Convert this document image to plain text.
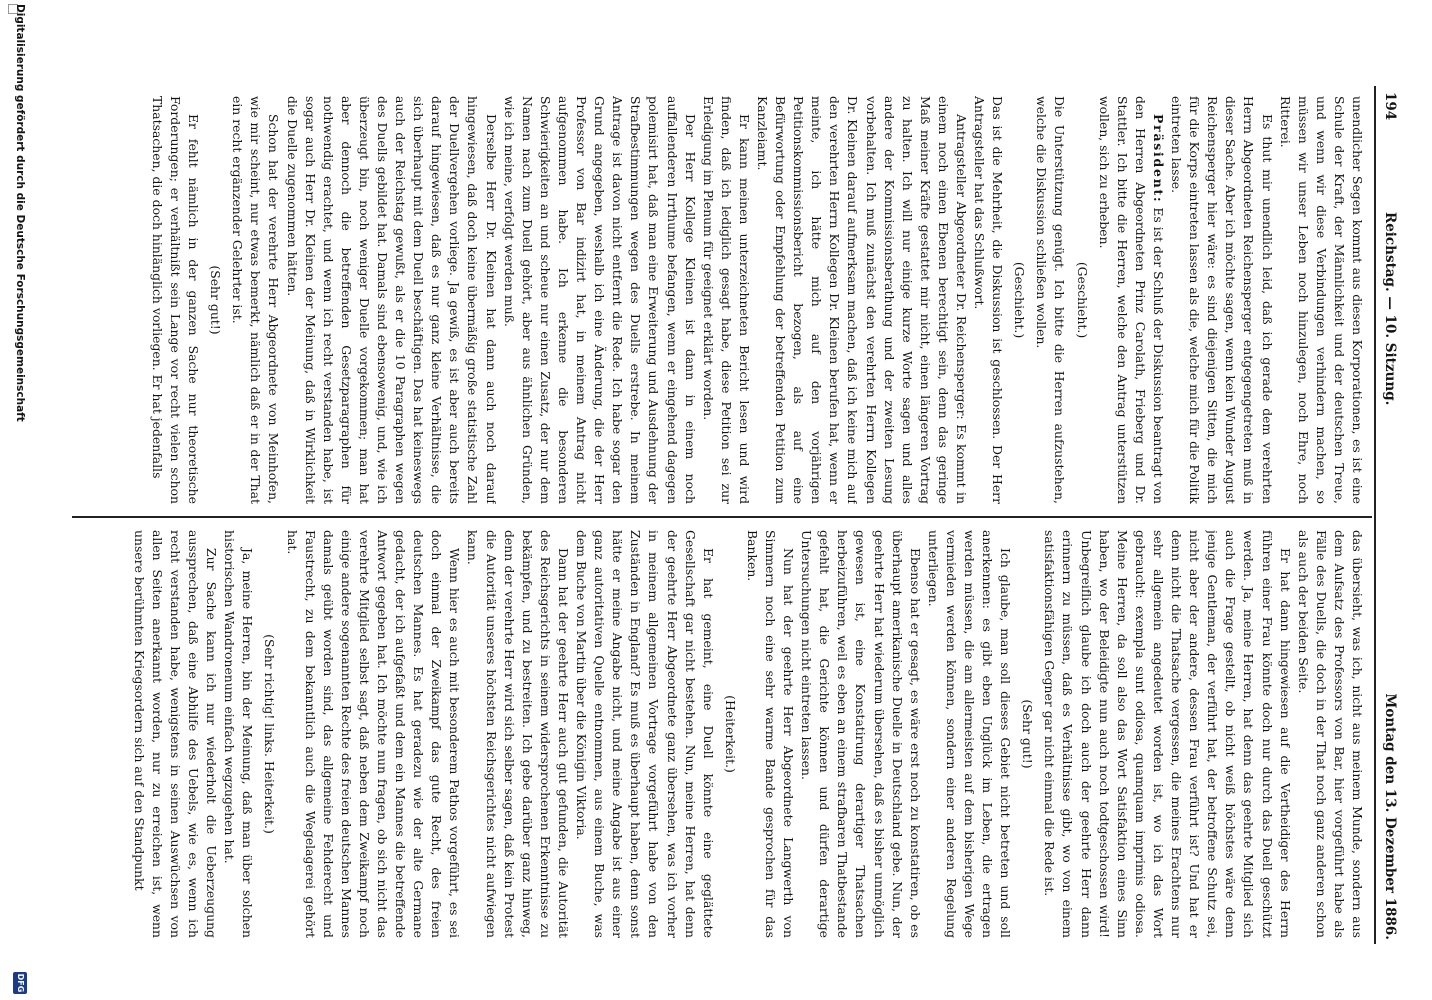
194
Reichstag. — 10. Sitzung.
Montag den 13. Dezember 1886.

unendlicher Segen kommt aus diesen Korporationen, es ist eine Schule der Kraft, der Männlichkeit und der deutschen Treue, und wenn wir diese Verbindungen verhindern machen, so müssen wir unser Leben noch hinzulegen, noch Ehre, noch Ritterei.

Es thut mir unendlich leid, daß ich gerade dem verehrten Herrn Abgeordneten Reichensperger entgegengetreten muß in dieser Sache. Aber ich möchte sagen, wenn kein Wunder August Reichensperger hier wäre: es sind diejenigen Sitten, die mich für die Korps eintreten lassen als die, welche mich für die Politik eintreten lasse.

Präsident: Es ist der Schluß der Diskussion beantragt von den Herren Abgeordneten Prinz Carolath, Frieberg und Dr. Stattler. Ich bitte die Herren, welche den Antrag unterstützen wollen, sich zu erheben.

(Geschieht.)

Die Unterstützung genügt. Ich bitte die Herren aufzustehen, welche die Diskussion schließen wollen.

(Geschieht.)

Das ist die Mehrheit, die Diskussion ist geschlossen. Der Herr Antragsteller hat das Schlußwort.

Antragsteller Abgeordneter Dr. Reichensperger: Es kommt in einem noch einen Ebenen berechtigt sein, denn das geringe Maß meiner Kräfte gestattet mir nicht, einen längeren Vortrag zu halten. Ich will nur einige kurze Worte sagen und alles andere der Kommissionsberathung und der zweiten Lesung vorbehalten. Ich muß zunächst den verehrten Herrn Kollegen Dr. Kleinen darauf aufmerksam machen, daß ich keine mich auf den verehrten Herrn Kollegen Dr. Kleinen berufen hat, wenn er meinte, ich hätte mich auf den vorjährigen Petitionskommissionsbericht bezogen, als auf eine Befürwortung oder Empfehlung der betreffenden Petition zum Kanzleiamt.

Er kann meinen unterzeichneten Bericht lesen und wird finden, daß ich lediglich gesagt habe, diese Petition sei zur Erledigung im Plenum für geeignet erklärt worden.

Der Herr Kollege Kleinen ist dann in einem noch auffallenderen Irrthume befangen, wenn er eingehend dagegen polemisirt hat, daß man eine Erweiterung und Ausdehnung der Strafbestimmungen wegen des Duells erstrebe. In meinem Antrage ist davon nicht entfernt die Rede. Ich habe sogar den Grund angegeben, weshalb ich eine Änderung, die der Herr Professor von Bar indizirt hat, in meinem Antrag nicht aufgenommen habe. Ich erkenne die besonderen Schwierigkeiten an und scheue nur einen Zusatz, der nur dem Namen nach zum Duell gehört, aber aus ähnlichen Gründen, wie ich meine, verfolgt werden muß.

Derselbe Herr Dr. Kleinen hat dann auch noch darauf hingewiesen, daß doch keine übermäßig große statistische Zahl der Duellvergehen vorliege. Ja gewiß, es ist aber auch bereits darauf hingewiesen, daß es nur ganz kleine Verhältnisse, die sich überhaupt mit dem Duell beschäftigen. Das hat keineswegs auch der Reichstag gewußt, als er die 10 Paragraphen wegen des Duells gebildet hat. Damals sind ebensowenig, und, wie ich überzeugt bin, noch weniger Duelle vorgekommen; man hat aber dennoch die betreffenden Gesetzparagraphen für nothwendig erachtet, und wenn ich recht verstanden habe, ist sogar auch Herr Dr. Kleinen der Meinung, daß in Wirklichkeit die Duelle zugenommen hätten.

Schon hat der verehrte Herr Abgeordnete von Meinhofen, wie mir scheint, nur etwas bemerkt, nämlich daß er in der That ein recht ergänzender Gelehrter ist.

(Sehr gut!)

Er fehlt nämlich in der ganzen Sache nur theoretische Forderungen; er verhältnißt sein Lange vor recht vielen schon Thatsachen, die doch hinlänglich vorliegen. Er hat jedenfalls

das übersieht, was ich, nicht aus meinem Munde, sondern aus dem Aufsatz des Professors von Bar, hier vorgeführt habe als Fälle des Duells, die doch in der That noch ganz anderen schon als auch der beiden Seite.

Er hat dann hingewiesen auf die Vertheidiger des Herrn führen einer Frau könnte doch nur durch das Duell geschützt werden. Ja, meine Herren, hat denn das geehrte Mitglied sich auch die Frage gestellt, ob nicht weiß höchstes wäre denn jenige Gentleman, der verführt hat, der betroffene Schutz sei, nicht aber der andere, dessen Frau verführt ist? Und hat er denn nicht die Thatsache vergessen, die meines Erachtens nur sehr allgemein angedeutet worden ist, wo ich das Wort gebraucht: exempla sunt odiosa, quamquam imprimis odiosa. Meine Herren, da soll also das Wort Satisfaktion eines Sinn haben, wo der Beleidigte nun auch noch todtgeschossen wird! Unbegreiflich glaube ich doch auch der geehrte Herr dann erinnern zu müssen, daß es Verhältnisse gibt, wo von einem satisfaktionsfähigen Gegner gar nicht einmal die Rede ist.

(Sehr gut!)

Ich glaube, man soll dieses Gebiet nicht betreten und soll anerkennen: es gibt eben Unglück im Leben, die ertragen werden müssen, die am allermeisten auf dem bisherigen Wege vermieden werden können, sondern einer anderen Regelung unterliegen.

Ebenso hat er gesagt, es wäre erst noch zu konstatiren, ob es überhaupt amerikanische Duelle in Deutschland gebe. Nun, der geehrte Herr hat wiederum übersehen, daß es bisher unmöglich gewesen ist, eine Konstatirung derartiger Thatsachen herbeizuführen, weil es eben an einem strafbaren Thatbestande gefehlt hat, die Gerichte können und dürfen derartige Untersuchungen nicht eintreten lassen.

Nun hat der geehrte Herr Abgeordnete Langwerth von Simmern noch eine sehr warme Bande gesprochen für das Banken.

(Heiterkeit.)

Er hat gemeint, eine Duell könnte eine geglättete Gesellschaft gar nicht bestehen. Nun, meine Herren, hat denn der geehrte Herr Abgeordnete ganz übersehen, was ich vorher in meinem allgemeinen Vortrage vorgeführt habe von den Zuständen in England? Es muß es überhaupt haben, denn sonst hätte er meine Angabe nicht, und meine Angabe ist aus einer ganz autoritativen Quelle entnommen, aus einem Buche, was dem Buche von Martin über die Königin Viktoria.

Dann hat der geehrte Herr auch gut gefunden, die Autorität des Reichsgerichts in seinem widersprochenen Erkenntnisse zu bekämpfen, und zu bestreiten. Ich gebe darüber ganz hinweg, denn der verehrte Herr wird sich selber sagen, daß kein Protest die Autorität unseres höchsten Reichsgerichtes nicht aufwiegen kann.

Wenn hier es auch mit besonderem Pathos vorgeführt, es sei doch einmal der Zweikampf das gute Recht, des freien deutschen Mannes. Es hat geradezu wie der alte Germane gedacht, der ich aufgefaßt und dem ein Mannes die betreffende Antwort gegeben hat. Ich möchte nun fragen, ob sich nicht das verehrte Mitglied selbst sagt, daß neben dem Zweikampf noch einige andere sogenannten Rechte des freien deutschen Mannes damals geübt worden sind, das allgemeine Fehderecht und Faustrecht, zu dem bekanntlich auch die Wegelagerei gehört hat.

(Sehr richtig! links. Heiterkeit.)

Ja, meine Herren, bin der Meinung, daß man über solchen historischen Wandronenum einfach wegzugehen hat.

Zur Sache kann ich nur wiederholt die Ueberzeugung aussprechen, daß eine Abhilfe des Uebels, wie es, wenn ich recht verstanden habe, wenigstens in seinen Auswüchsen von allen Seiten anerkannt worden, nur zu erreichen ist, wenn unsere berühmten Kriegsordern sich auf den Standpunkt

Digitalisierung gefördert durch die Deutsche Forschungsgemeinschaft
DFG
